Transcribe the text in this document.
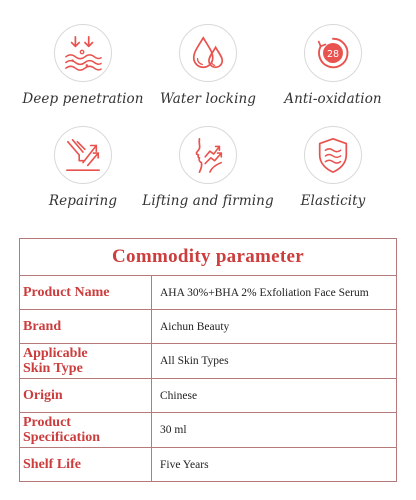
Deep penetration	Water locking
28
Anti-oxidation
Repairing	Lifting and firming	Elasticity
Commodity parameter	
Product Name	AHA 30%+BHA 2% Exfoliation Face Serum
Brand	Aichun Beauty

Applicable
Skin Type	All Skin Types
Origin	Chinese

Product
Specification	30 ml
Shelf Life	Five Years
